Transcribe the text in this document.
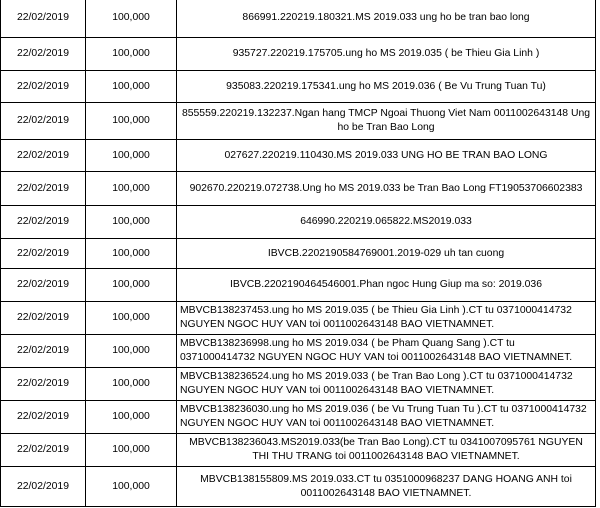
22/02/2019	100,000	866991.220219.180321.MS 2019.033 ung ho be tran bao long
22/02/2019	100,000	935727.220219.175705.ung ho MS 2019.035 ( be Thieu Gia Linh )
22/02/2019	100,000	935083.220219.175341.ung ho MS 2019.036 ( Be Vu Trung Tuan Tu)
22/02/2019	100,000	855559.220219.132237.Ngan hang TMCP Ngoai Thuong Viet Nam 0011002643148 Ung ho be Tran Bao Long
22/02/2019	100,000	027627.220219.110430.MS 2019.033 UNG HO BE TRAN BAO LONG
22/02/2019	100,000	902670.220219.072738.Ung ho MS 2019.033 be Tran Bao Long FT19053706602383
22/02/2019	100,000	646990.220219.065822.MS2019.033
22/02/2019	100,000	IBVCB.2202190584769001.2019-029 uh tan cuong
22/02/2019	100,000	IBVCB.2202190464546001.Phan ngoc Hung Giup ma so: 2019.036
22/02/2019	100,000	MBVCB138237453.ung ho MS 2019.035 ( be Thieu Gia Linh ).CT tu 0371000414732 NGUYEN NGOC HUY VAN toi 0011002643148 BAO VIETNAMNET.
22/02/2019	100,000	MBVCB138236998.ung ho MS 2019.034 ( be Pham Quang Sang ).CT tu 0371000414732 NGUYEN NGOC HUY VAN toi 0011002643148 BAO VIETNAMNET.
22/02/2019	100,000	MBVCB138236524.ung ho MS 2019.033 ( be Tran Bao Long ).CT tu 0371000414732 NGUYEN NGOC HUY VAN toi 0011002643148 BAO VIETNAMNET.
22/02/2019	100,000	MBVCB138236030.ung ho MS 2019.036 ( be Vu Trung Tuan Tu ).CT tu 0371000414732 NGUYEN NGOC HUY VAN toi 0011002643148 BAO VIETNAMNET.
22/02/2019	100,000	MBVCB138236043.MS2019.033(be Tran Bao Long).CT tu 0341007095761 NGUYEN THI THU TRANG toi 0011002643148 BAO VIETNAMNET.
22/02/2019	100,000	MBVCB138155809.MS 2019.033.CT tu 0351000968237 DANG HOANG ANH toi 0011002643148 BAO VIETNAMNET.
